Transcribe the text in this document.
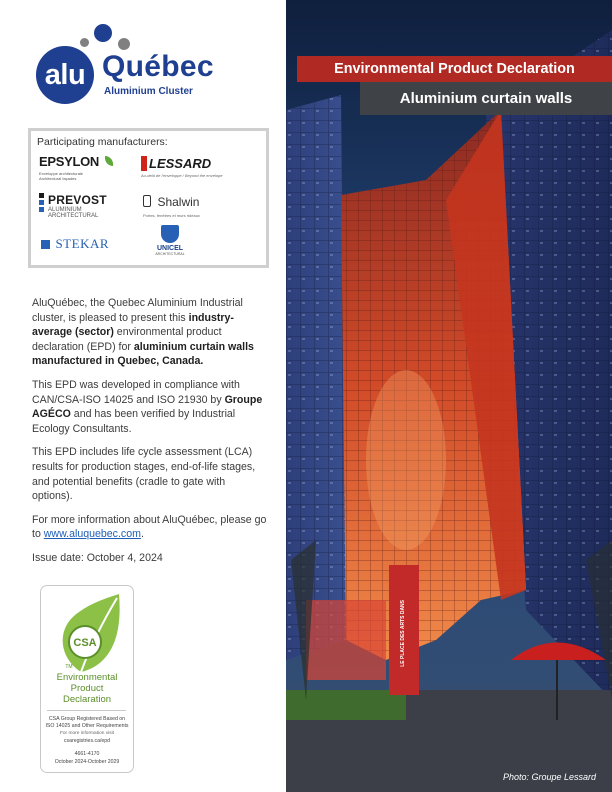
alu Québec
Aluminium Cluster
Participating manufacturers:
EPSYLON
Enveloppe architecturale
Architectural façades
LESSARD
Au-delà de l'enveloppe / Beyond the envelope
PREVOST
ALUMINIUM
ARCHITECTURAL
Shalwin
Portes, fenêtres et murs rideaux
STEKAR	UNICEL
ARCHITECTURAL

AluQuébec, the Quebec Aluminium Industrial cluster, is pleased to present this industry-average (sector) environmental product declaration (EPD) for aluminium curtain walls manufactured in Quebec, Canada.

This EPD was developed in compliance with CAN/CSA-ISO 14025 and ISO 21930 by Groupe AGÉCO and has been verified by Industrial Ecology Consultants.

This EPD includes life cycle assessment (LCA) results for production stages, end-of-life stages, and potential benefits (cradle to gate with options).

For more information about AluQuébec, please go to www.aluquebec.com.

Issue date: October 4, 2024

CSA
TM
Environmental
Product
Declaration
CSA Group Registered Based on
ISO 14025 and Other Requirements
For more information visit
csaregistries.ca/epd
4661-4170
October 2024-October 2029
LE PLACE DES ARTS DANS
Environmental Product Declaration
Aluminium curtain walls
Photo: Groupe Lessard
